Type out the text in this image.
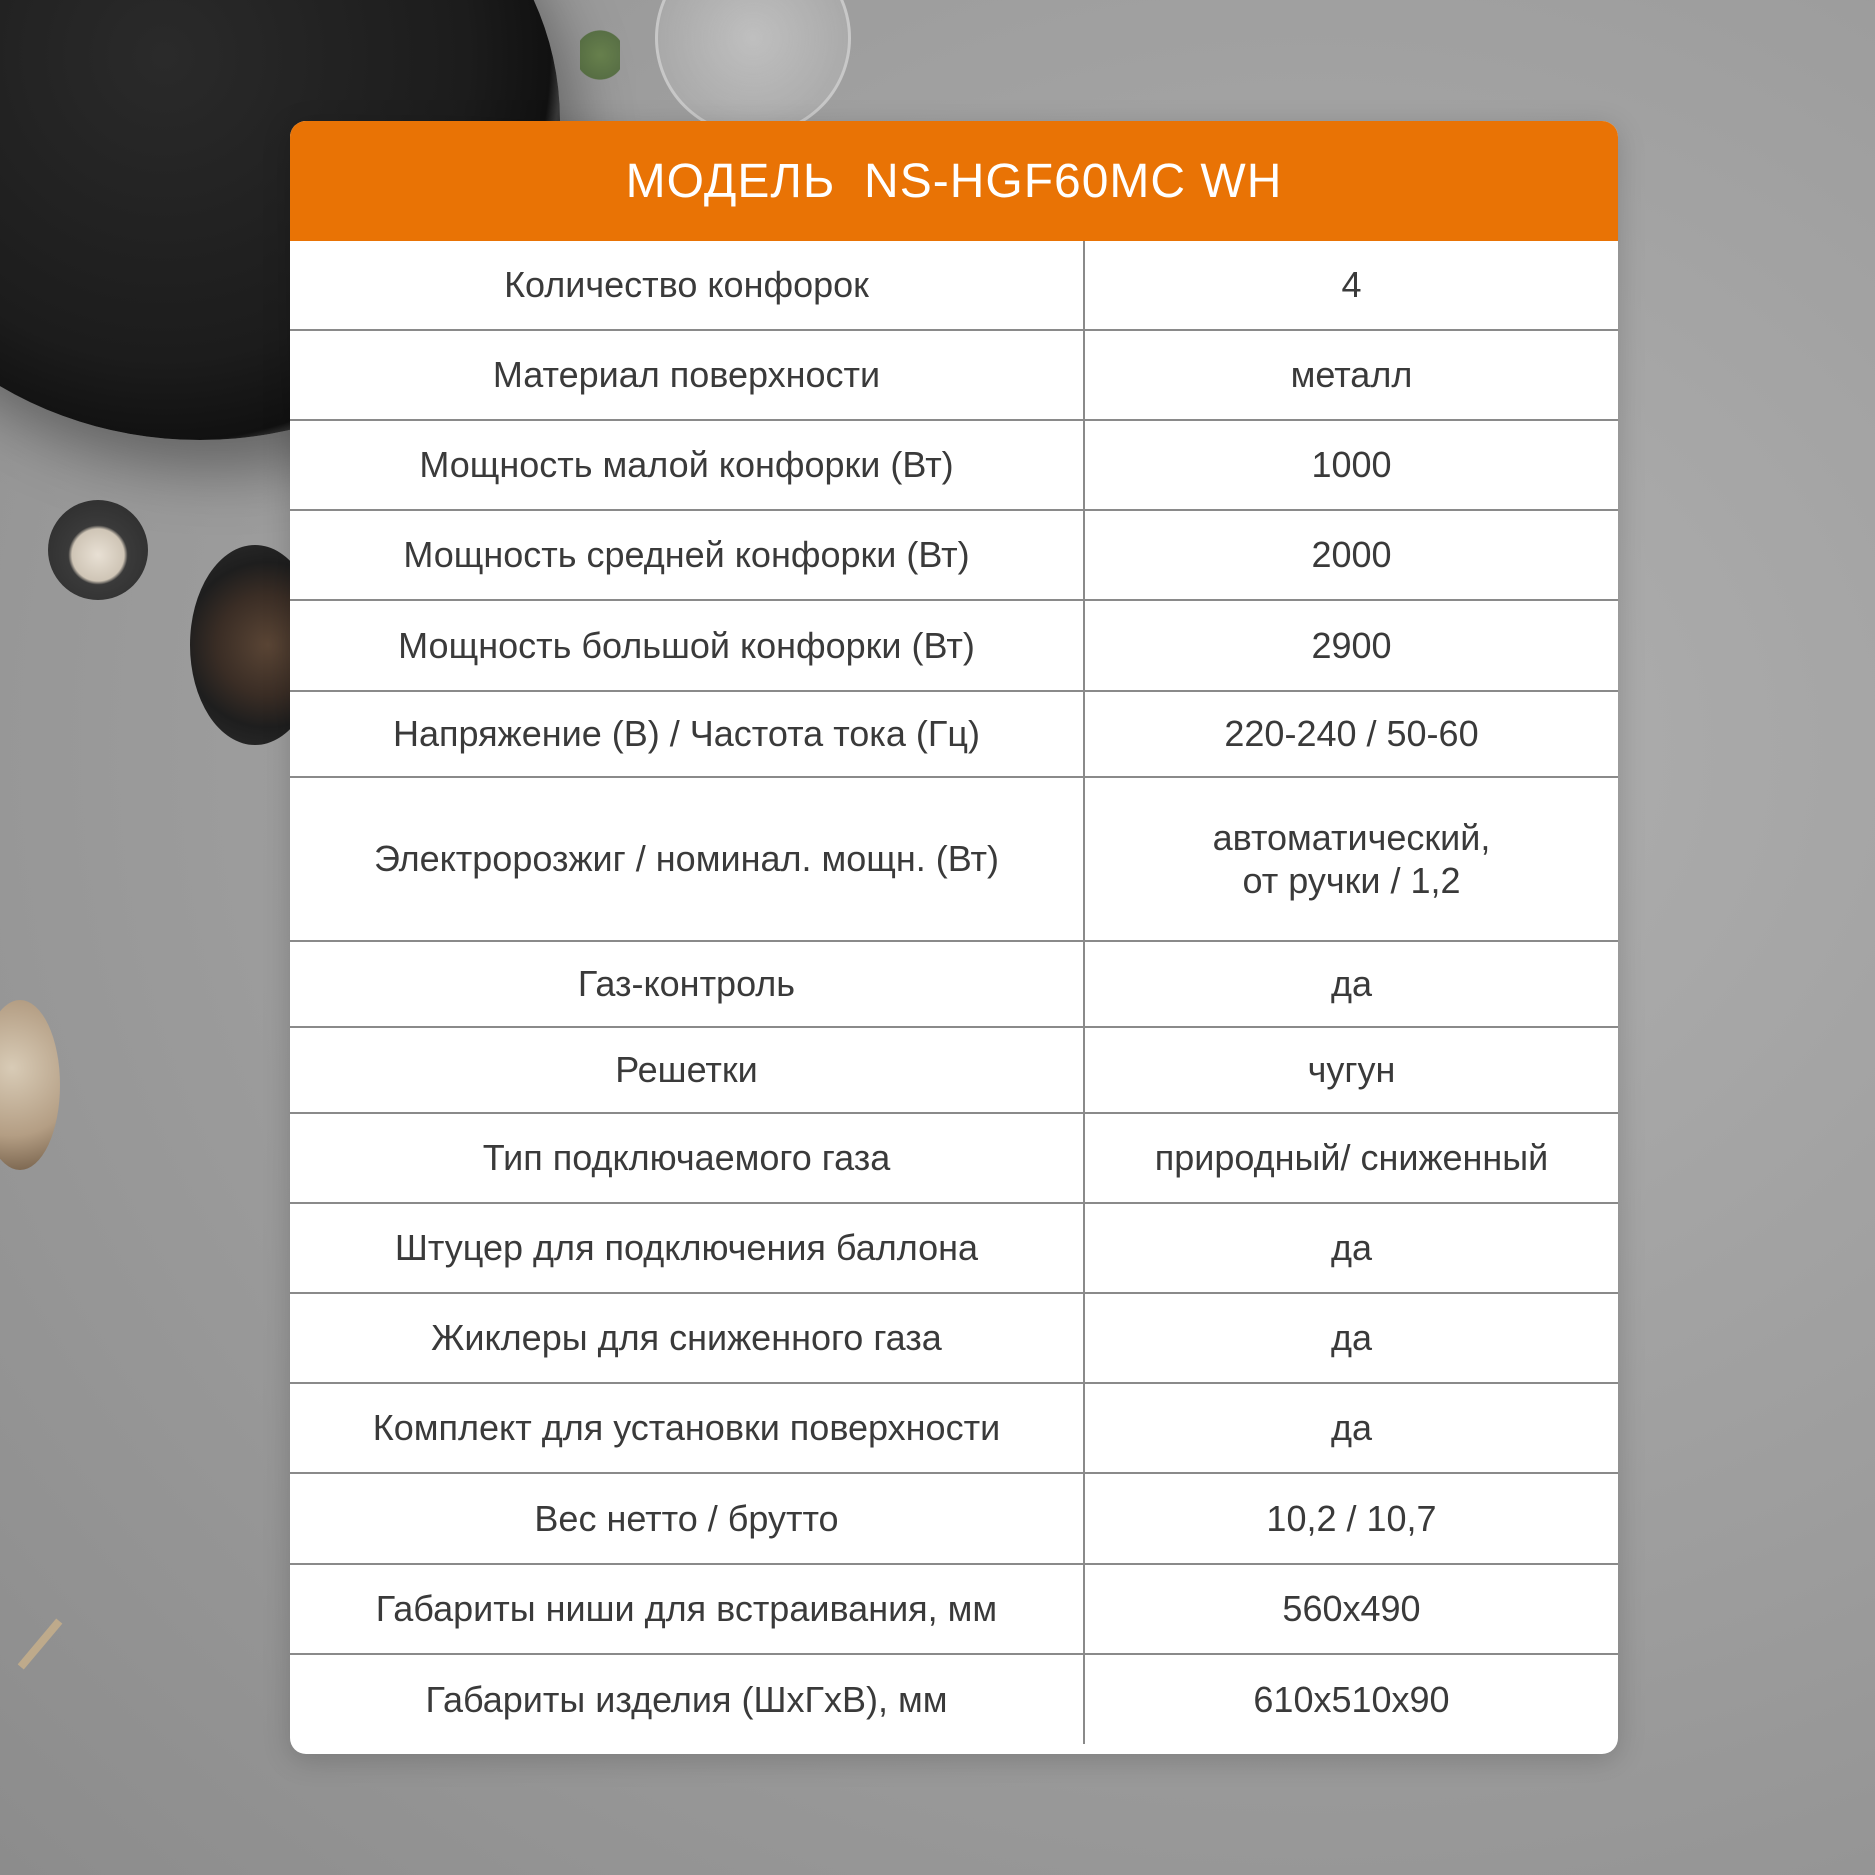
МОДЕЛЬ  NS-HGF60MC WH
Количество конфорок	4
Материал поверхности	металл
Мощность малой конфорки (Вт)	1000
Мощность средней конфорки (Вт)	2000
Мощность большой конфорки (Вт)	2900
Напряжение (В) / Частота тока (Гц)	220-240 / 50-60
Электророзжиг / номинал. мощн. (Вт)	автоматический,
от ручки / 1,2

Газ-контроль	да
Решетки	чугун
Тип подключаемого газа	природный/ сниженный
Штуцер для подключения баллона	да
Жиклеры для сниженного газа	да
Комплект для установки поверхности	да
Вес нетто / брутто	10,2 / 10,7
Габариты ниши для встраивания, мм	560x490
Габариты изделия (ШхГхВ), мм	610x510x90
